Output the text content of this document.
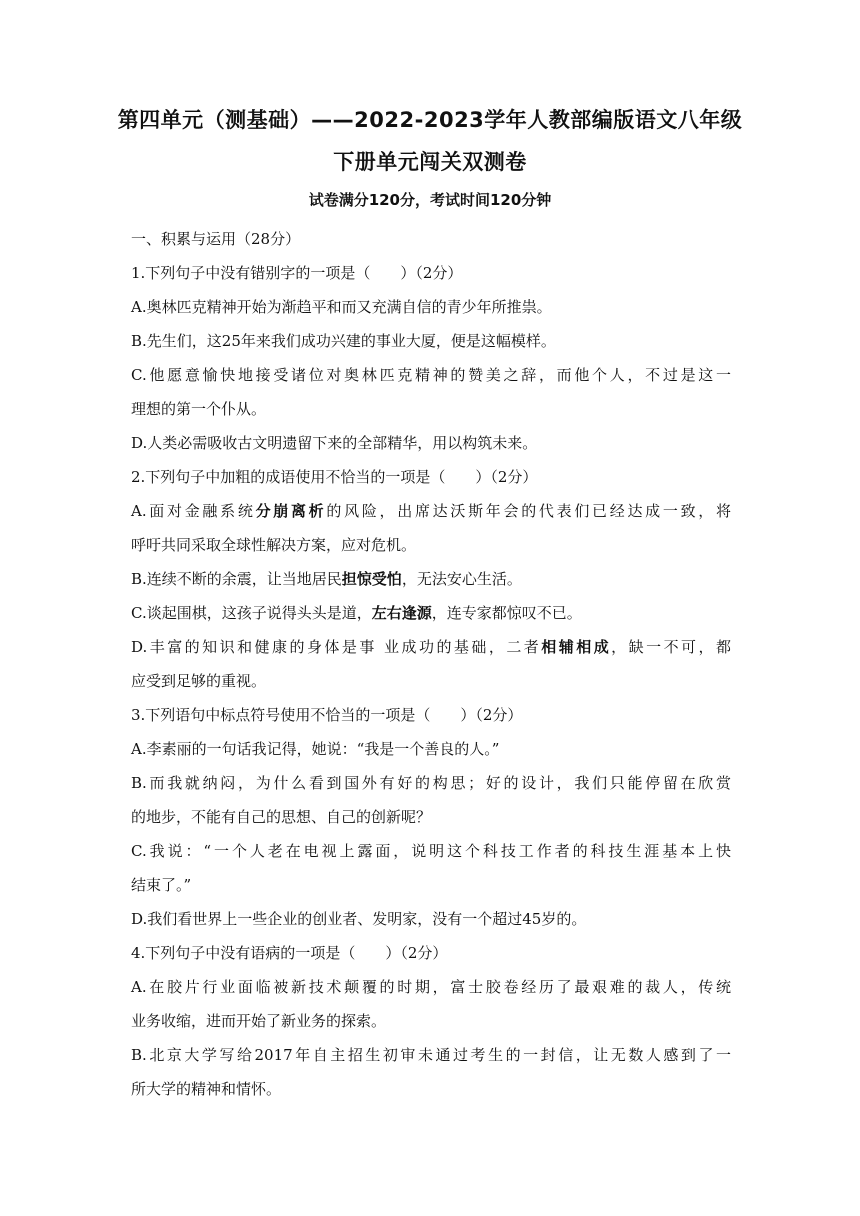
第四单元（测基础）——2022-2023学年人教部编版语文八年级
下册单元闯关双测卷
试卷满分120分，考试时间120分钟

一、积累与运用（28分）

1.下列句子中没有错别字的一项是（　　）（2分）

A.奥林匹克精神开始为渐趋平和而又充满自信的青少年所推祟。

B.先生们，这25年来我们成功兴建的事业大厦，便是这幅模样。

C.他愿意愉快地接受诸位对奥林匹克精神的赞美之辞，而他个人，不过是这一

理想的第一个仆从。

D.人类必需吸收古文明遗留下来的全部精华，用以构筑未来。

2.下列句子中加粗的成语使用不恰当的一项是（　　）（2分）

A.面对金融系统分崩离析的风险，出席达沃斯年会的代表们已经达成一致，将

呼吁共同采取全球性解决方案，应对危机。

B.连续不断的余震，让当地居民担惊受怕，无法安心生活。

C.谈起围棋，这孩子说得头头是道，左右逢源，连专家都惊叹不已。

D.丰富的知识和健康的身体是事 业成功的基础，二者相辅相成，缺一不可，都

应受到足够的重视。

3.下列语句中标点符号使用不恰当的一项是（　　）（2分）

A.李素丽的一句话我记得，她说：“我是一个善良的人。”

B.而我就纳闷，为什么看到国外有好的构思；好的设计，我们只能停留在欣赏

的地步，不能有自己的思想、自己的创新呢？

C.我说：“一个人老在电视上露面，说明这个科技工作者的科技生涯基本上快

结束了。”

D.我们看世界上一些企业的创业者、发明家，没有一个超过45岁的。

4.下列句子中没有语病的一项是（　　）（2分）

A.在胶片行业面临被新技术颠覆的时期，富士胶卷经历了最艰难的裁人，传统

业务收缩，进而开始了新业务的探索。

B.北京大学写给2017年自主招生初审未通过考生的一封信，让无数人感到了一

所大学的精神和情怀。
